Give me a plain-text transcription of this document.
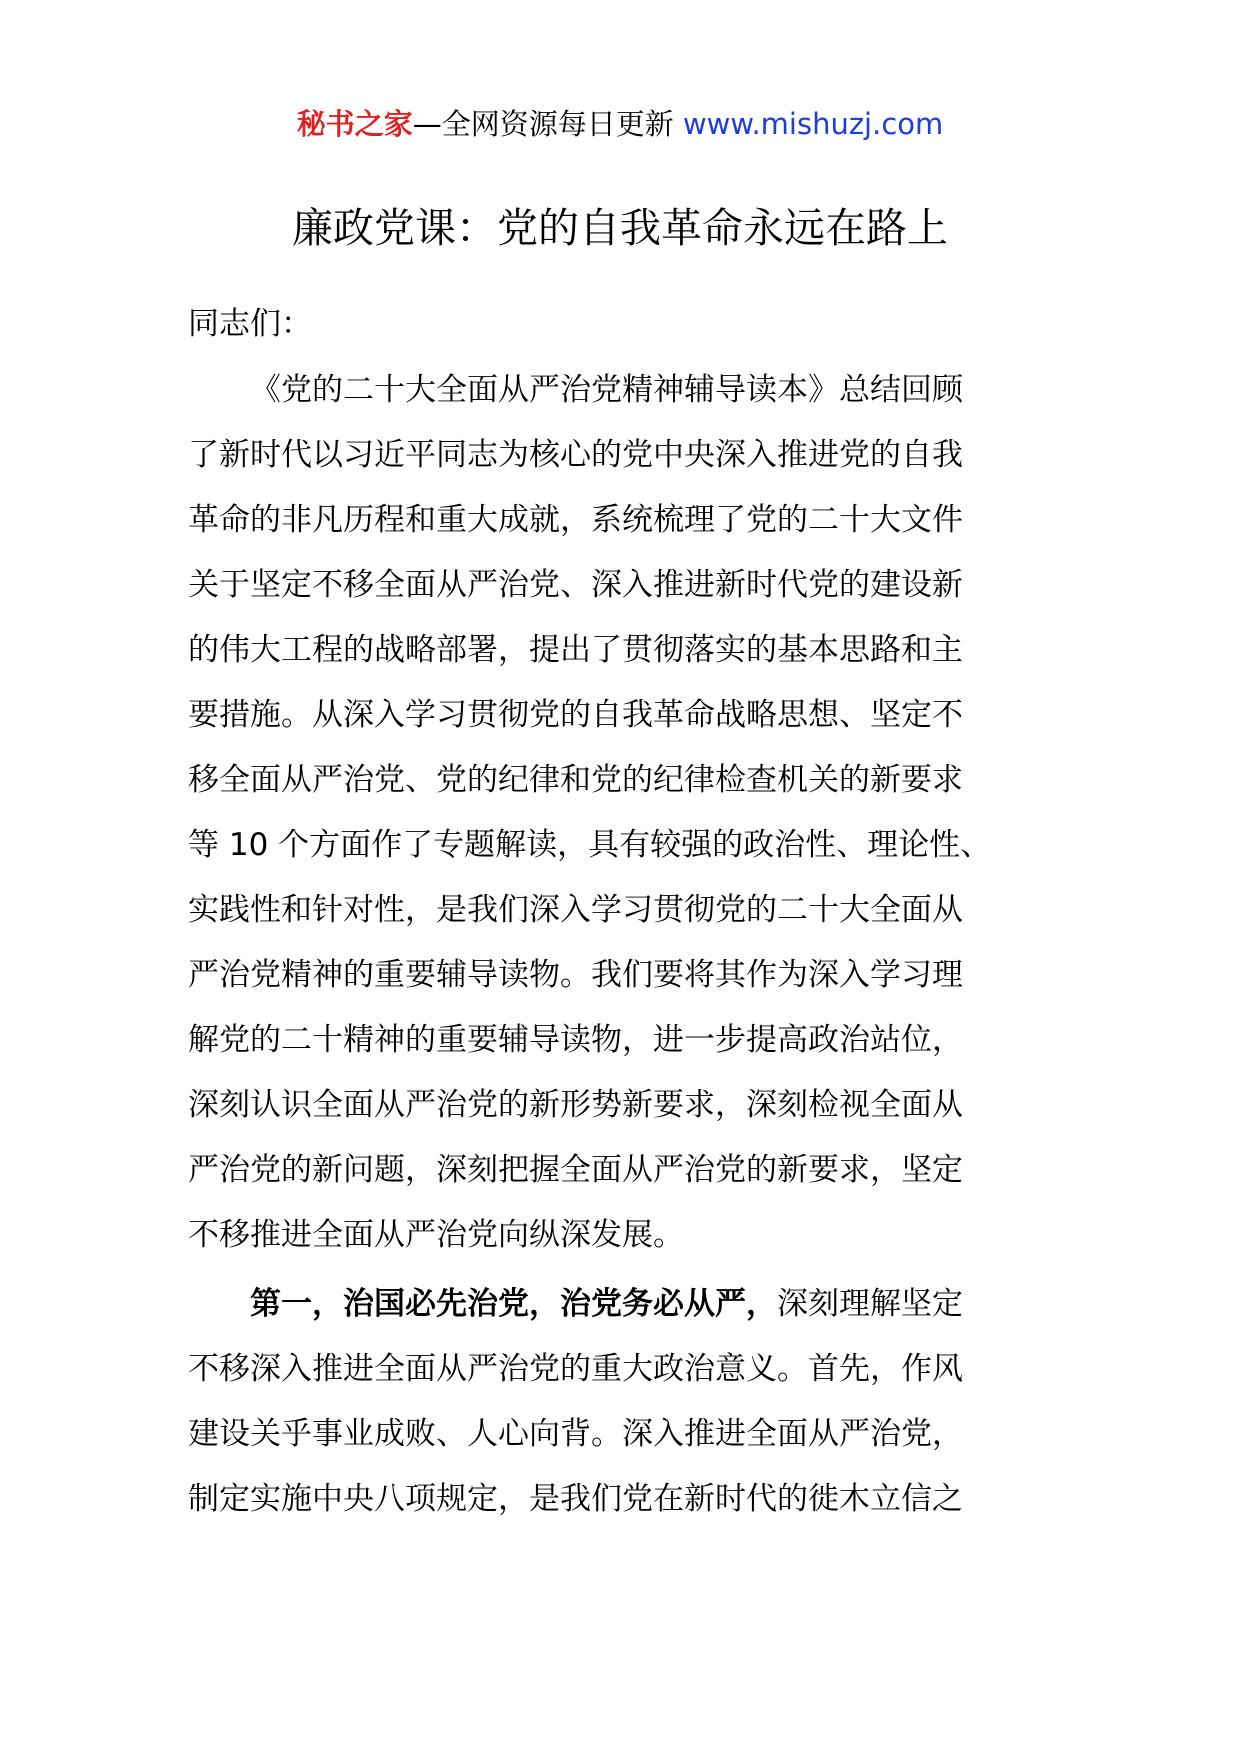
秘书之家—全网资源每日更新 www.mishuzj.com
廉政党课：党的自我革命永远在路上
同志们：
《党的二十大全面从严治党精神辅导读本》总结回顾
了新时代以习近平同志为核心的党中央深入推进党的自我
革命的非凡历程和重大成就，系统梳理了党的二十大文件
关于坚定不移全面从严治党、深入推进新时代党的建设新
的伟大工程的战略部署，提出了贯彻落实的基本思路和主
要措施。从深入学习贯彻党的自我革命战略思想、坚定不
移全面从严治党、党的纪律和党的纪律检查机关的新要求
等 10 个方面作了专题解读，具有较强的政治性、理论性、
实践性和针对性，是我们深入学习贯彻党的二十大全面从
严治党精神的重要辅导读物。我们要将其作为深入学习理
解党的二十精神的重要辅导读物，进一步提高政治站位，
深刻认识全面从严治党的新形势新要求，深刻检视全面从
严治党的新问题，深刻把握全面从严治党的新要求，坚定
不移推进全面从严治党向纵深发展。
第一，治国必先治党，治党务必从严，深刻理解坚定
不移深入推进全面从严治党的重大政治意义。首先，作风
建设关乎事业成败、人心向背。深入推进全面从严治党，
制定实施中央八项规定，是我们党在新时代的徙木立信之
